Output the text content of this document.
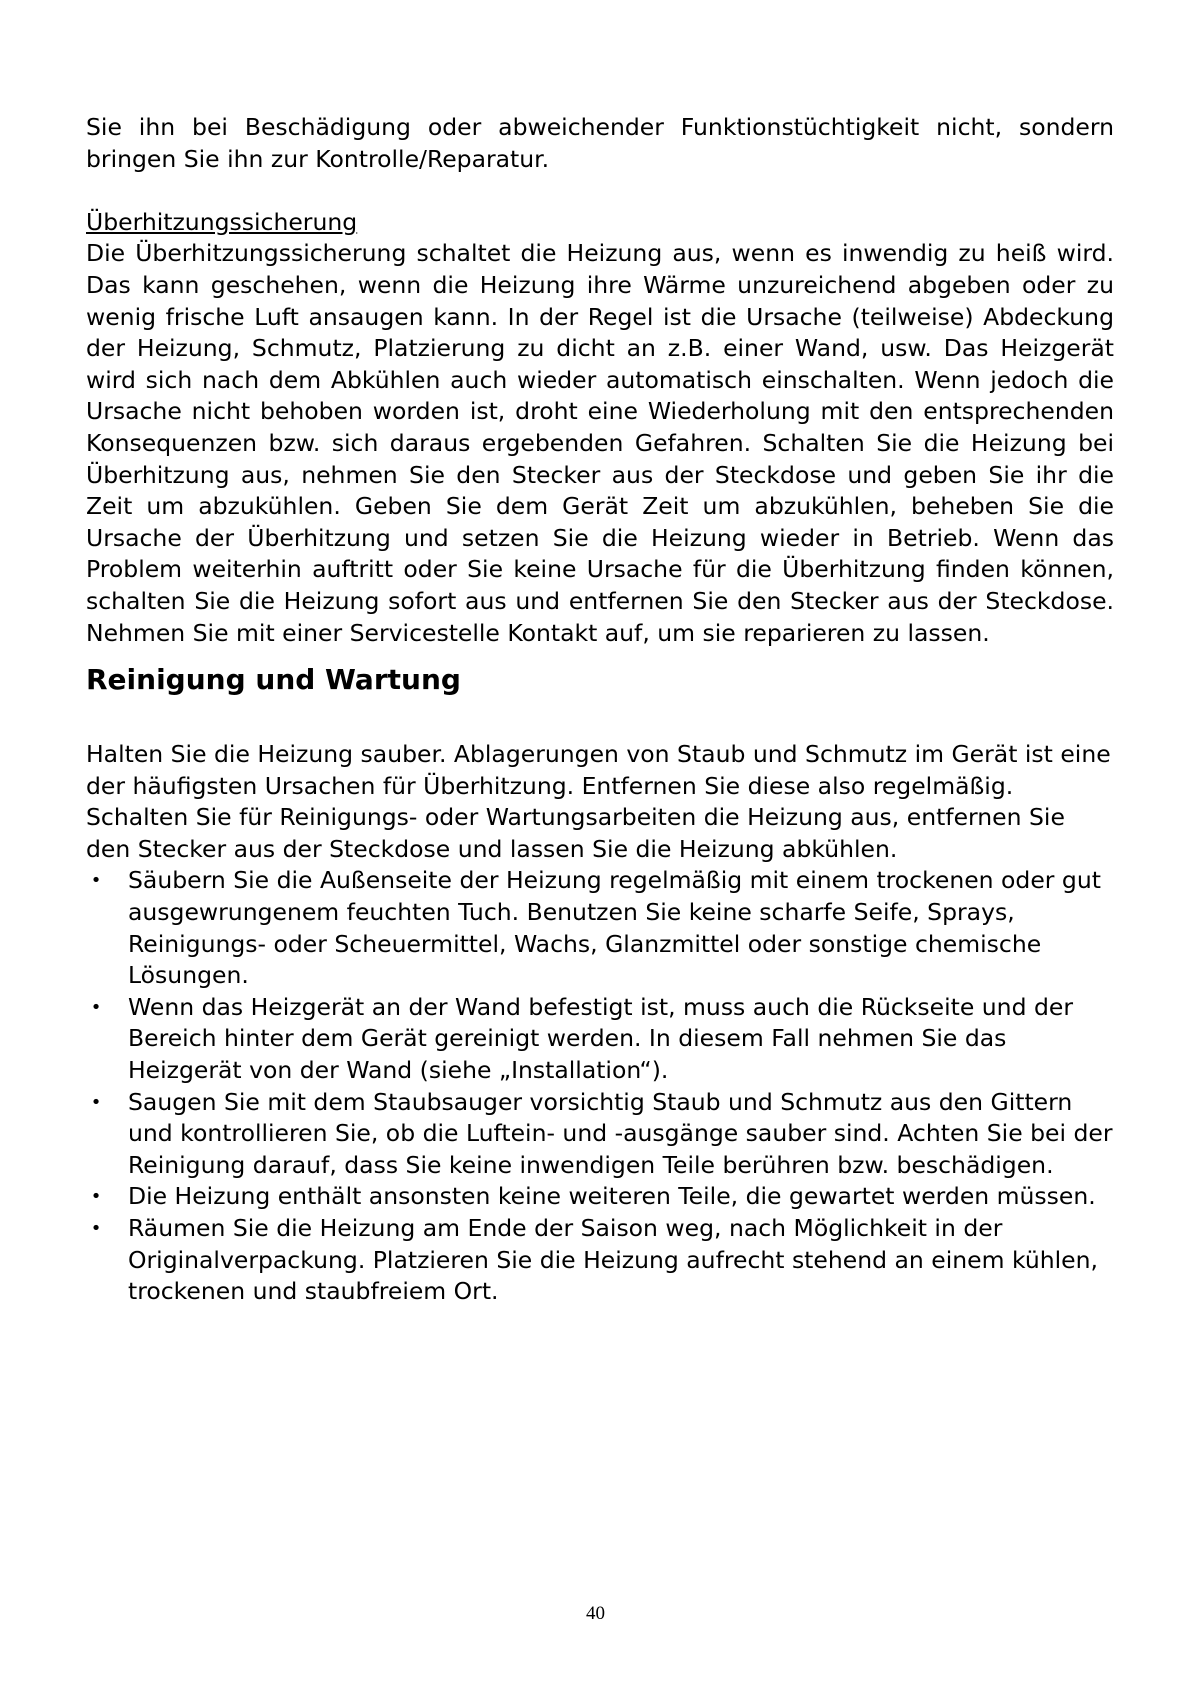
Sie ihn bei Beschädigung oder abweichender Funktionstüchtigkeit nicht, sondern bringen Sie ihn zur Kontrolle/Reparatur.

Überhitzungssicherung

Die Überhitzungssicherung schaltet die Heizung aus, wenn es inwendig zu heiß wird. Das kann geschehen, wenn die Heizung ihre Wärme unzureichend abgeben oder zu wenig frische Luft ansaugen kann. In der Regel ist die Ursache (teilweise) Abdeckung der Heizung, Schmutz, Platzierung zu dicht an z.B. einer Wand, usw. Das Heizgerät wird sich nach dem Abkühlen auch wieder automatisch einschalten. Wenn jedoch die Ursache nicht behoben worden ist, droht eine Wiederholung mit den entsprechenden Konsequenzen bzw. sich daraus ergebenden Gefahren. Schalten Sie die Heizung bei Überhitzung aus, nehmen Sie den Stecker aus der Steckdose und geben Sie ihr die Zeit um abzukühlen. Geben Sie dem Gerät Zeit um abzukühlen, beheben Sie die Ursache der Überhitzung und setzen Sie die Heizung wieder in Betrieb. Wenn das Problem weiterhin auftritt oder Sie keine Ursache für die Überhitzung finden können, schalten Sie die Heizung sofort aus und entfernen Sie den Stecker aus der Steckdose. Nehmen Sie mit einer Servicestelle Kontakt auf, um sie reparieren zu lassen.

Reinigung und Wartung

Halten Sie die Heizung sauber. Ablagerungen von Staub und Schmutz im Gerät ist eine der häufigsten Ursachen für Überhitzung. Entfernen Sie diese also regelmäßig. Schalten Sie für Reinigungs- oder Wartungsarbeiten die Heizung aus, entfernen Sie den Stecker aus der Steckdose und lassen Sie die Heizung abkühlen.

• Säubern Sie die Außenseite der Heizung regelmäßig mit einem trockenen oder gut ausgewrungenem feuchten Tuch. Benutzen Sie keine scharfe Seife, Sprays, Reinigungs- oder Scheuermittel, Wachs, Glanzmittel oder sonstige chemische Lösungen.
• Wenn das Heizgerät an der Wand befestigt ist, muss auch die Rückseite und der Bereich hinter dem Gerät gereinigt werden. In diesem Fall nehmen Sie das Heizgerät von der Wand (siehe „Installation“).
• Saugen Sie mit dem Staubsauger vorsichtig Staub und Schmutz aus den Gittern und kontrollieren Sie, ob die Luftein- und -ausgänge sauber sind. Achten Sie bei der Reinigung darauf, dass Sie keine inwendigen Teile berühren bzw. beschädigen.
• Die Heizung enthält ansonsten keine weiteren Teile, die gewartet werden müssen.
• Räumen Sie die Heizung am Ende der Saison weg, nach Möglichkeit in der Originalverpackung. Platzieren Sie die Heizung aufrecht stehend an einem kühlen, trockenen und staubfreiem Ort.
40
